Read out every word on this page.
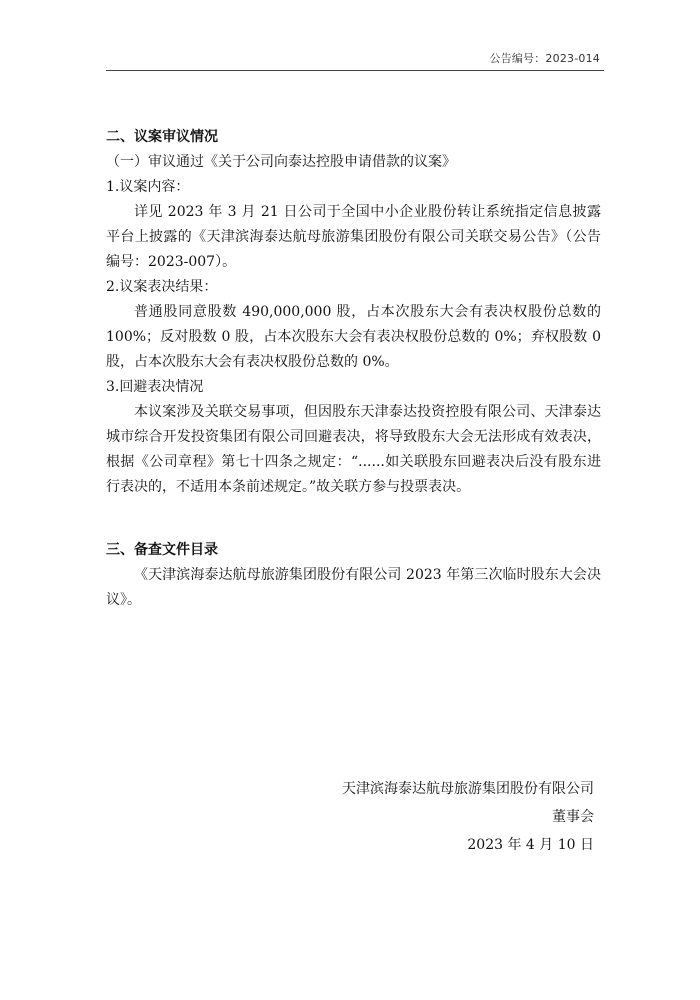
公告编号：2023-014

二、议案审议情况

（一）审议通过《关于公司向泰达控股申请借款的议案》

1.议案内容：

详见 2023 年 3 月 21 日公司于全国中小企业股份转让系统指定信息披露平台上披露的《天津滨海泰达航母旅游集团股份有限公司关联交易公告》（公告编号：2023-007）。

2.议案表决结果：

普通股同意股数 490,000,000 股，占本次股东大会有表决权股份总数的 100%；反对股数 0 股，占本次股东大会有表决权股份总数的 0%；弃权股数 0 股，占本次股东大会有表决权股份总数的 0%。

3.回避表决情况

本议案涉及关联交易事项，但因股东天津泰达投资控股有限公司、天津泰达城市综合开发投资集团有限公司回避表决，将导致股东大会无法形成有效表决，根据《公司章程》第七十四条之规定：“......如关联股东回避表决后没有股东进行表决的，不适用本条前述规定。”故关联方参与投票表决。

三、备查文件目录

《天津滨海泰达航母旅游集团股份有限公司 2023 年第三次临时股东大会决议》。

天津滨海泰达航母旅游集团股份有限公司

董事会

2023 年 4 月 10 日
